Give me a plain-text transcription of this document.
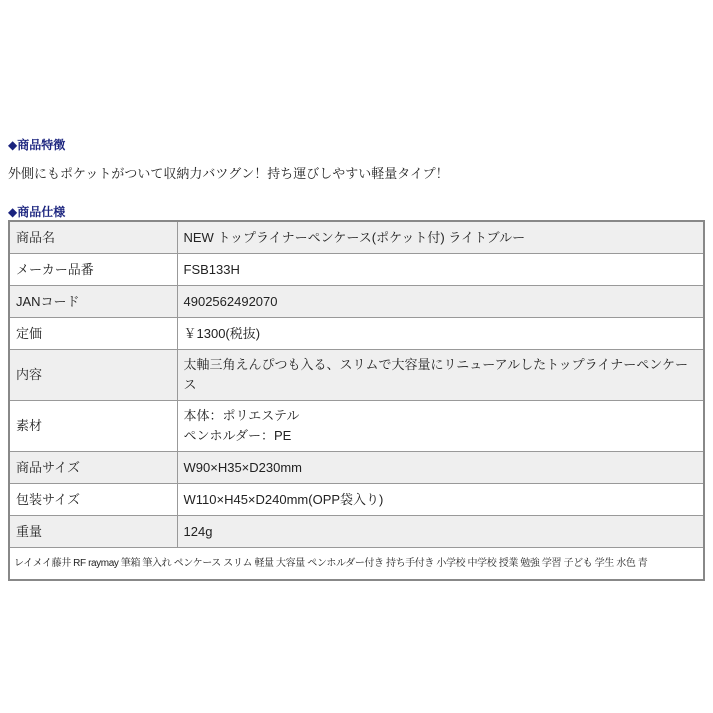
◆商品特徴
外側にもポケットがついて収納力バツグン！持ち運びしやすい軽量タイプ！
◆商品仕様
商品名	NEW トップライナーペンケース(ポケット付) ライトブルー
メーカー品番	FSB133H
JANコード	4902562492070
定価	￥1300(税抜)
内容	太軸三角えんぴつも入る、スリムで大容量にリニューアルしたトップライナーペンケース
素材	本体：ポリエステル
ペンホルダー：PE

商品サイズ	W90×H35×D230mm
包装サイズ	W110×H45×D240mm(OPP袋入り)
重量	124g
レイメイ藤井 RF raymay 筆箱 筆入れ ペンケース スリム 軽量 大容量 ペンホルダー付き 持ち手付き 小学校 中学校 授業 勉強 学習 子ども 学生 水色 青	
